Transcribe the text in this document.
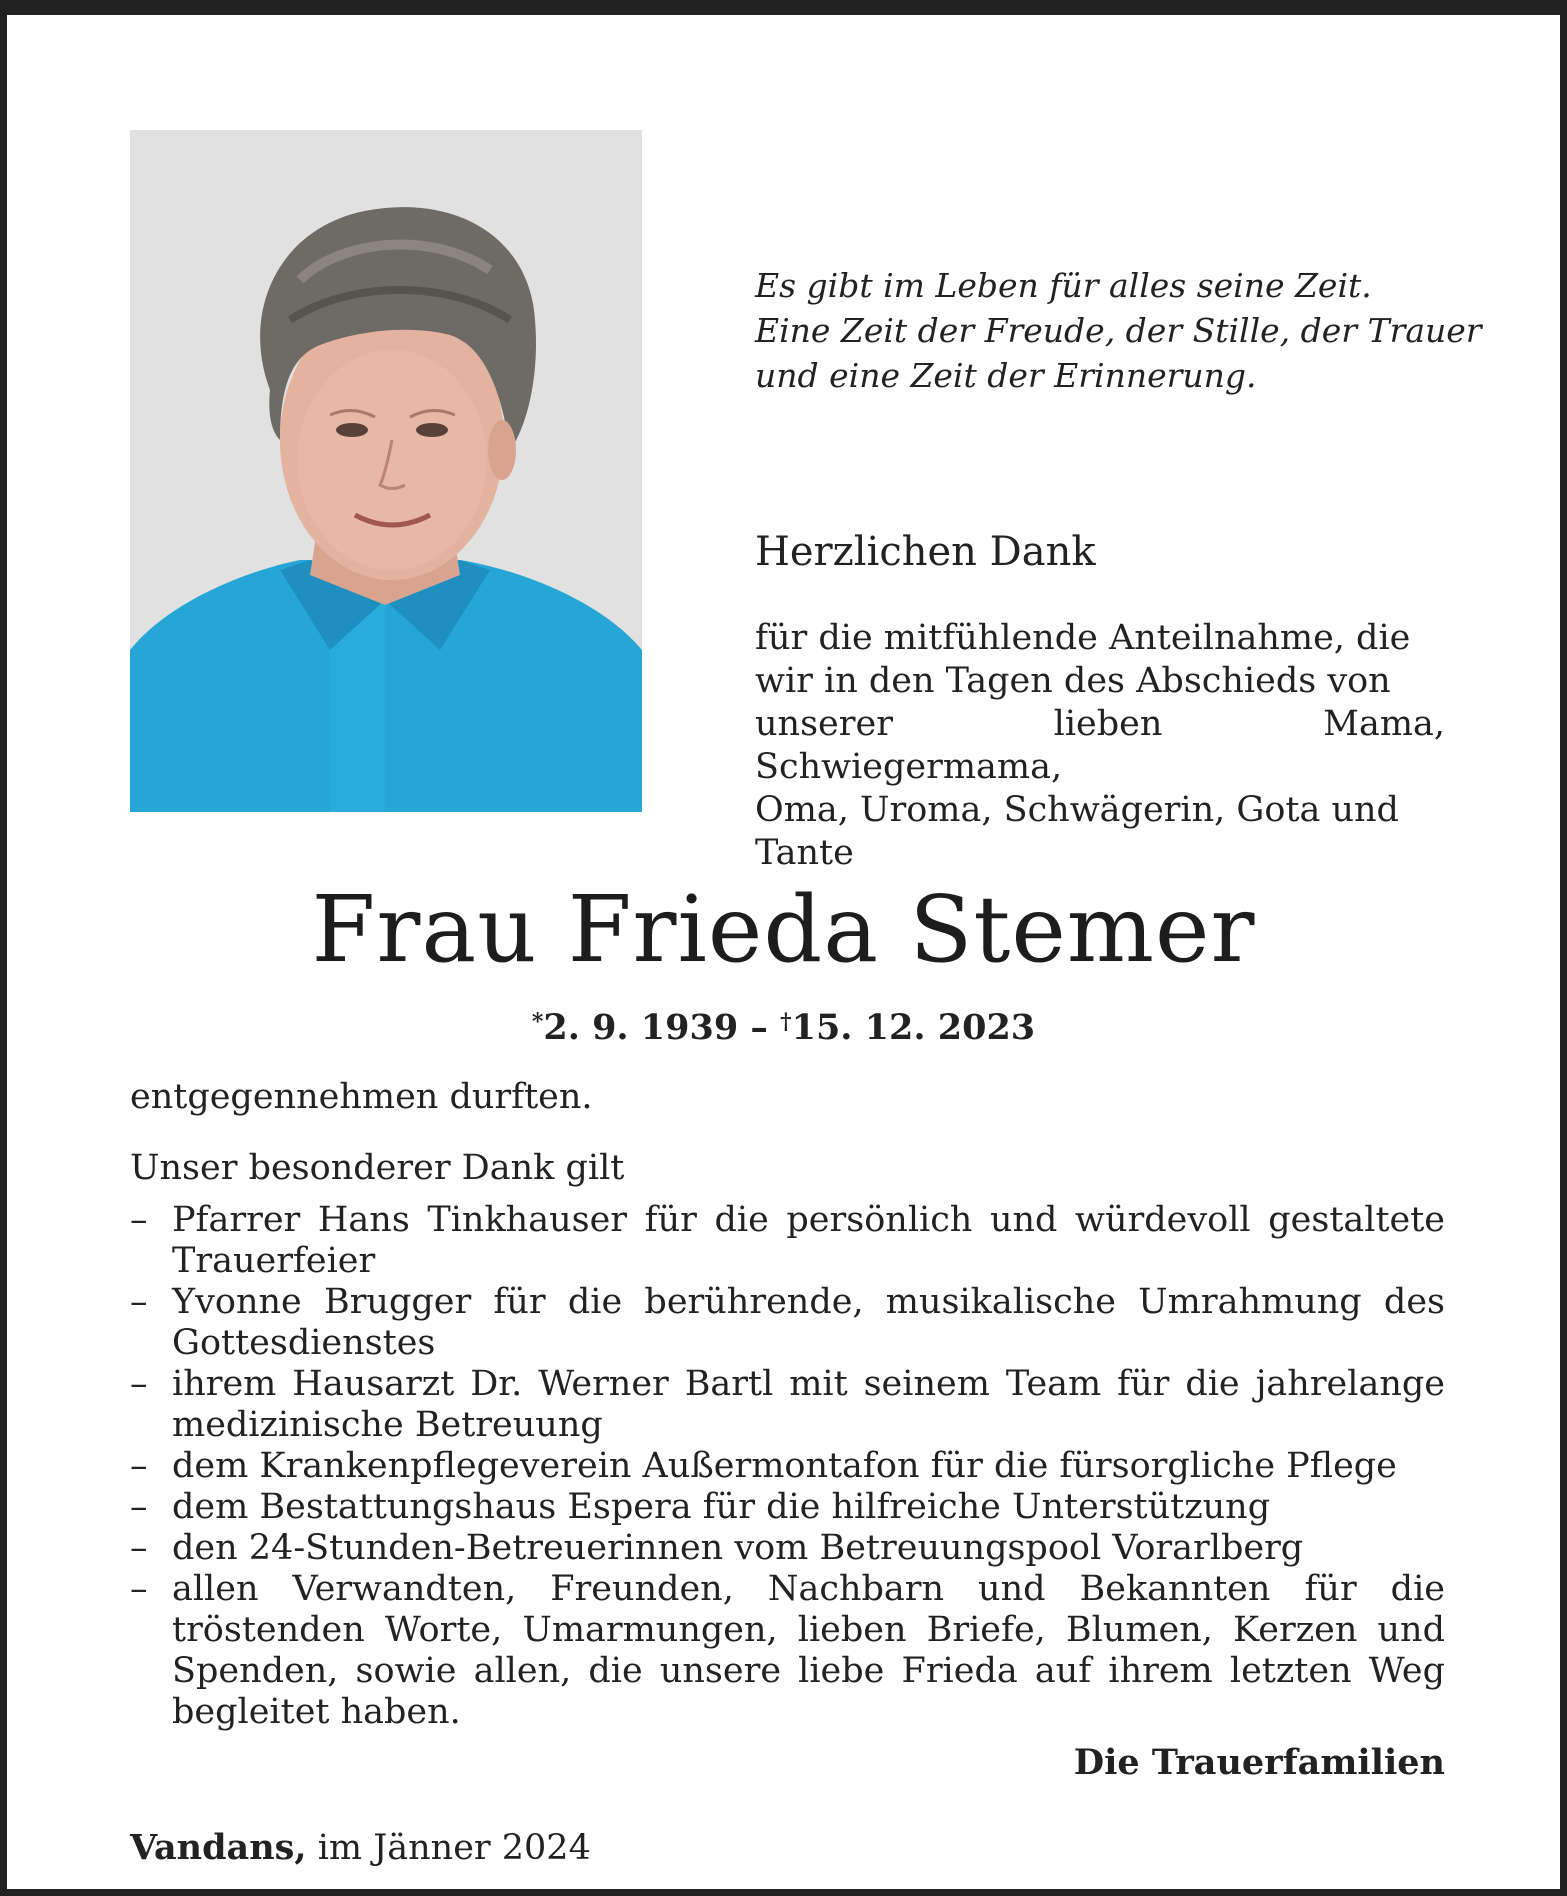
Es gibt im Leben für alles seine Zeit.
Eine Zeit der Freude, der Stille, der Trauer
und eine Zeit der Erinnerung.
Herzlichen Dank
für die mitfühlende Anteilnahme, die
wir in den Tagen des Abschieds von
unserer lieben Mama, Schwiegermama,
Oma, Uroma, Schwägerin, Gota und
Tante
Frau Frieda Stemer
*2. 9. 1939 – †15. 12. 2023
entgegennehmen durften.
Unser besonderer Dank gilt
– Pfarrer Hans Tinkhauser für die persönlich und würdevoll gestaltete Trauerfeier
– Yvonne Brugger für die berührende, musikalische Umrahmung des Gottesdienstes
– ihrem Hausarzt Dr. Werner Bartl mit seinem Team für die jahrelange medizinische Betreuung
– dem Krankenpflegeverein Außermontafon für die fürsorgliche Pflege
– dem Bestattungshaus Espera für die hilfreiche Unterstützung
– den 24-Stunden-Betreuerinnen vom Betreuungspool Vorarlberg
– allen Verwandten, Freunden, Nachbarn und Bekannten für die tröstenden Worte, Umarmungen, lieben Briefe, Blumen, Kerzen und Spenden, sowie allen, die unsere liebe Frieda auf ihrem letzten Weg begleitet haben.
Die Trauerfamilien
Vandans, im Jänner 2024
